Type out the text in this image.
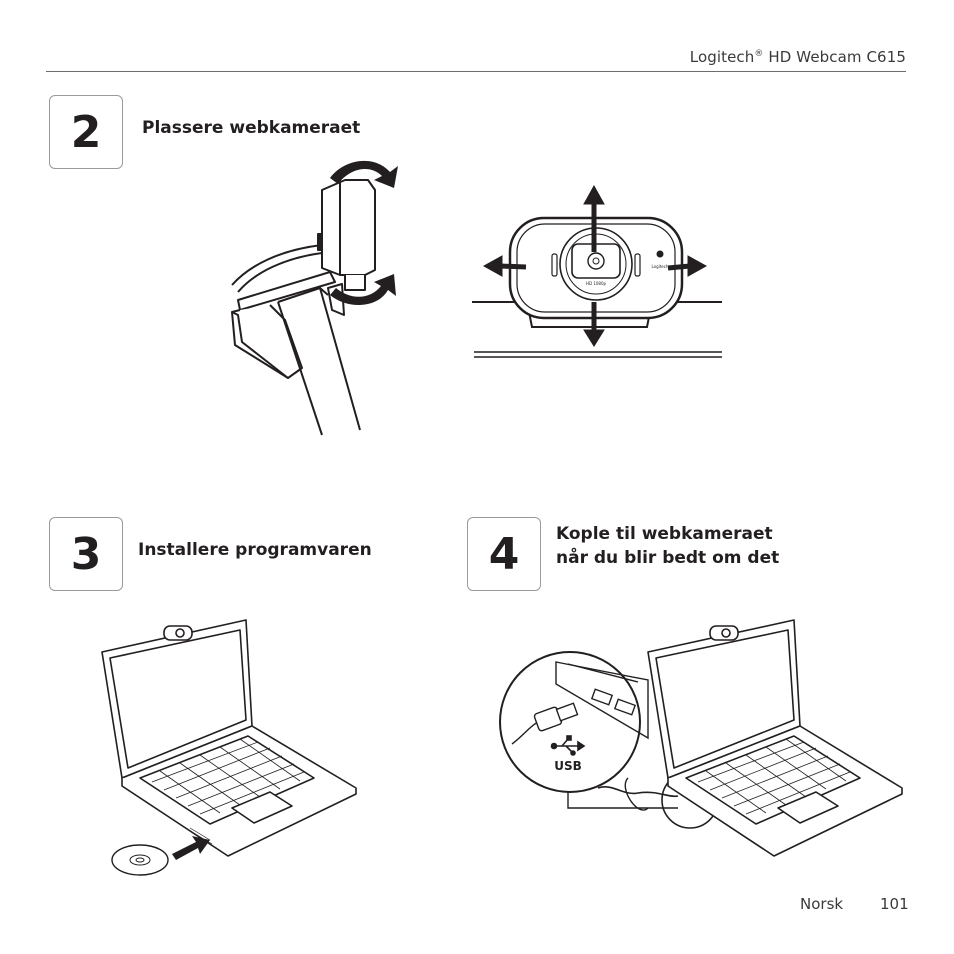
Logitech® HD Webcam C615
2 Plassere webkameraet
HD 1080p
Logitech
3 Installere programvaren	4 Kople til webkameraet
når du blir bedt om det
USB
Norsk 101
